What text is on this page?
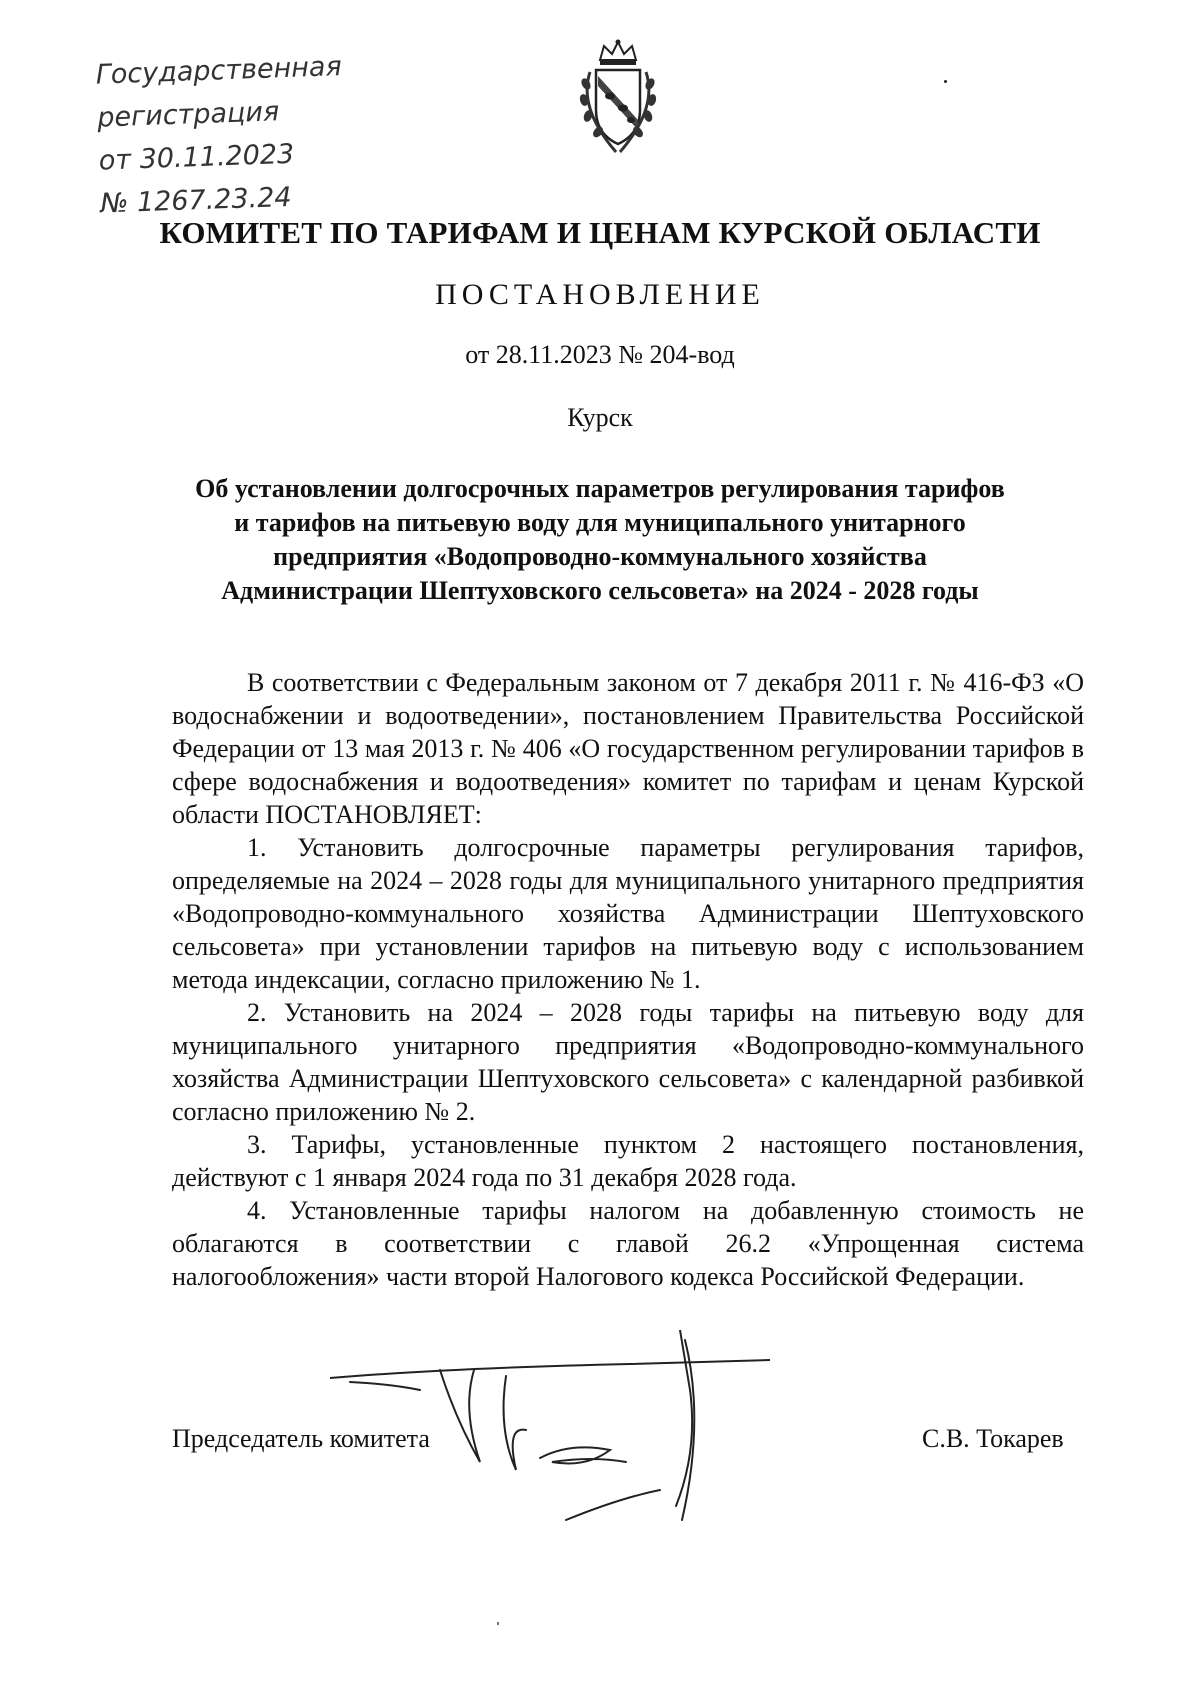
Государственная
регистрация
от 30.11.2023
№ 1267.23.24
КОМИТЕТ ПО ТАРИФАМ И ЦЕНАМ КУРСКОЙ ОБЛАСТИ
ПОСТАНОВЛЕНИЕ
от 28.11.2023 № 204-вод
Курск
Об установлении долгосрочных параметров регулирования тарифов
и тарифов на питьевую воду для муниципального унитарного
предприятия «Водопроводно-коммунального хозяйства
Администрации Шептуховского сельсовета» на 2024 - 2028 годы

В соответствии с Федеральным законом от 7 декабря 2011 г. № 416-ФЗ «О водоснабжении и водоотведении», постановлением Правительства Российской Федерации от 13 мая 2013 г. № 406 «О государственном регулировании тарифов в сфере водоснабжения и водоотведения» комитет по тарифам и ценам Курской области ПОСТАНОВЛЯЕТ:

1. Установить долгосрочные параметры регулирования тарифов, определяемые на 2024 – 2028 годы для муниципального унитарного предприятия «Водопроводно-коммунального хозяйства Администрации Шептуховского сельсовета» при установлении тарифов на питьевую воду с использованием метода индексации, согласно приложению № 1.

2. Установить на 2024 – 2028 годы тарифы на питьевую воду для муниципального унитарного предприятия «Водопроводно-коммунального хозяйства Администрации Шептуховского сельсовета» с календарной разбивкой согласно приложению № 2.

3. Тарифы, установленные пунктом 2 настоящего постановления, действуют с 1 января 2024 года по 31 декабря 2028 года.

4. Установленные тарифы налогом на добавленную стоимость не облагаются в соответствии с главой 26.2 «Упрощенная система налогообложения» части второй Налогового кодекса Российской Федерации.

Председатель комитета	С.В. Токарев
